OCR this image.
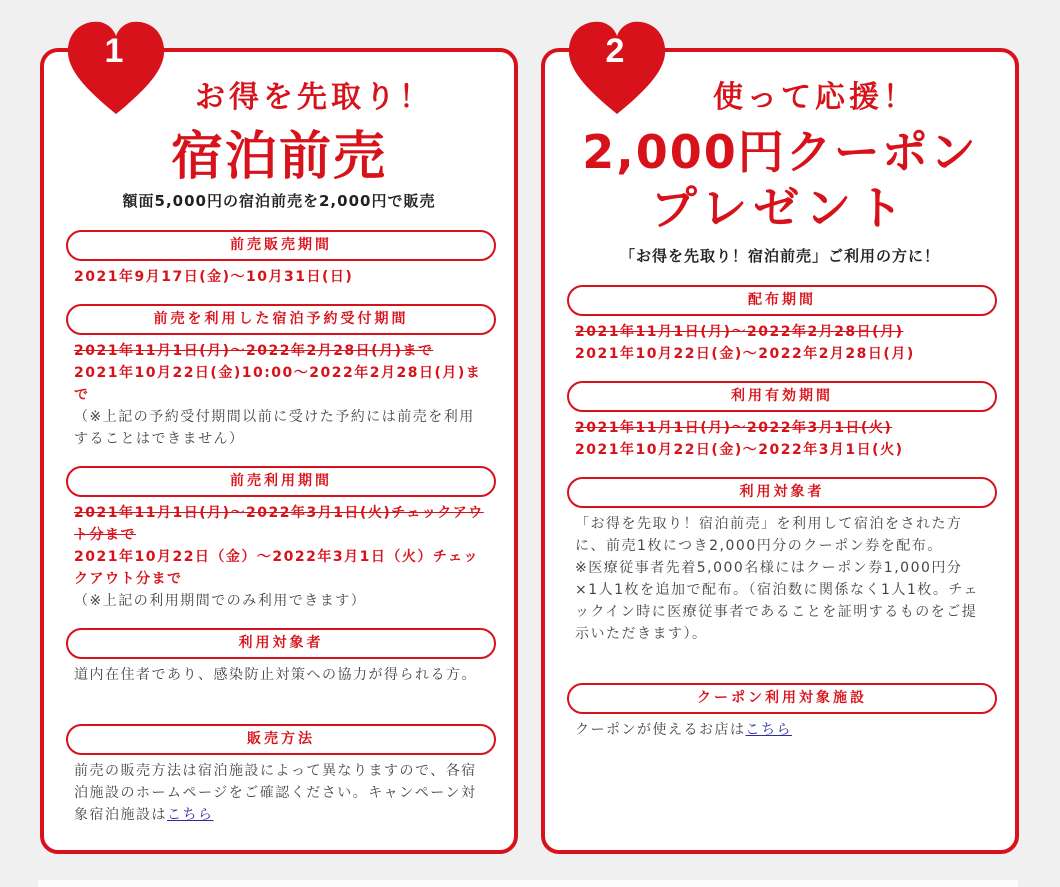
1
お得を先取り！
宿泊前売
額面5,000円の宿泊前売を2,000円で販売
前売販売期間
2021年9月17日(金)〜10月31日(日)
前売を利用した宿泊予約受付期間
2021年11月1日(月)〜2022年2月28日(月)まで
2021年10月22日(金)10:00〜2022年2月28日(月)まで
（※上記の予約受付期間以前に受けた予約には前売を利用することはできません）
前売利用期間
2021年11月1日(月)〜2022年3月1日(火)チェックアウト分まで
2021年10月22日（金）〜2022年3月1日（火）チェックアウト分まで
（※上記の利用期間でのみ利用できます）
利用対象者
道内在住者であり、感染防止対策への協力が得られる方。
販売方法
前売の販売方法は宿泊施設によって異なりますので、各宿泊施設のホームページをご確認ください。キャンペーン対象宿泊施設はこちら
2
使って応援！
2,000円クーポン
プレゼント
「お得を先取り！宿泊前売」ご利用の方に！
配布期間
2021年11月1日(月)〜2022年2月28日(月)
2021年10月22日(金)〜2022年2月28日(月)
利用有効期間
2021年11月1日(月)〜2022年3月1日(火)
2021年10月22日(金)〜2022年3月1日(火)
利用対象者
「お得を先取り！宿泊前売」を利用して宿泊をされた方に、前売1枚につき2,000円分のクーポン券を配布。
※医療従事者先着5,000名様にはクーポン券1,000円分×1人1枚を追加で配布。（宿泊数に関係なく1人1枚。チェックイン時に医療従事者であることを証明するものをご提示いただきます）。
クーポン利用対象施設
クーポンが使えるお店はこちら
